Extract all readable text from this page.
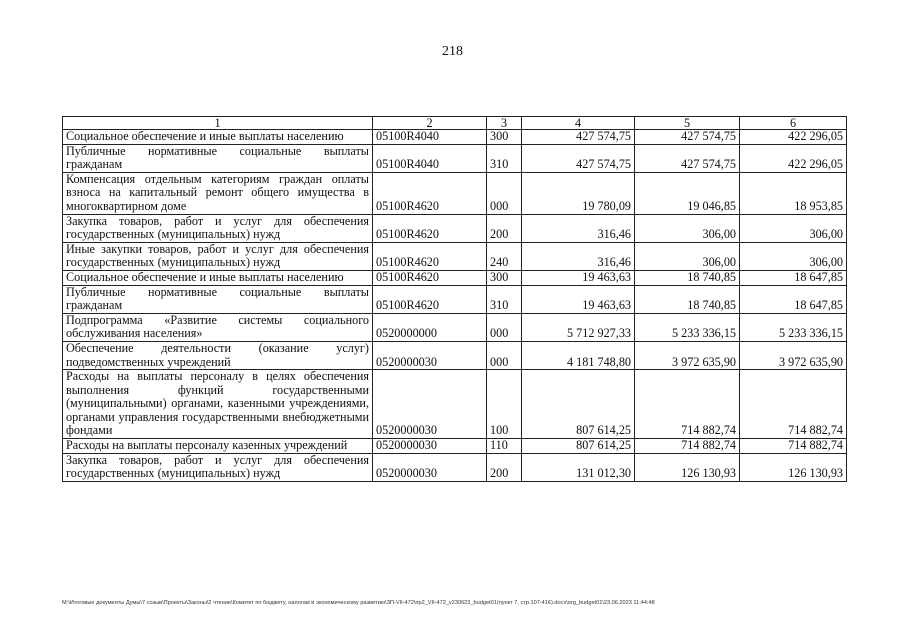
218
1	2	3	4	5	6
Социальное обеспечение и иные выплаты населению	05100R4040	300	427 574,75	427 574,75	422 296,05
Публичные нормативные социальные выплаты гражданам	05100R4040	310	427 574,75	427 574,75	422 296,05
Компенсация отдельным категориям граждан оплаты взноса на капитальный ремонт общего имущества в многоквартирном доме	05100R4620	000	19 780,09	19 046,85	18 953,85
Закупка товаров, работ и услуг для обеспечения государственных (муниципальных) нужд	05100R4620	200	316,46	306,00	306,00
Иные закупки товаров, работ и услуг для обеспечения государственных (муниципальных) нужд	05100R4620	240	316,46	306,00	306,00
Социальное обеспечение и иные выплаты населению	05100R4620	300	19 463,63	18 740,85	18 647,85
Публичные нормативные социальные выплаты гражданам	05100R4620	310	19 463,63	18 740,85	18 647,85
Подпрограмма «Развитие системы социального обслуживания населения»	0520000000	000	5 712 927,33	5 233 336,15	5 233 336,15
Обеспечение деятельности (оказание услуг) подведомственных учреждений	0520000030	000	4 181 748,80	3 972 635,90	3 972 635,90
Расходы на выплаты персоналу в целях обеспечения выполнения функций государственными (муниципальными) органами, казенными учреждениями, органами управления государственными внебюджетными фондами	0520000030	100	807 614,25	714 882,74	714 882,74
Расходы на выплаты персоналу казенных учреждений	0520000030	110	807 614,25	714 882,74	714 882,74
Закупка товаров, работ и услуг для обеспечения государственных (муниципальных) нужд	0520000030	200	131 012,30	126 130,93	126 130,93
M:\Итоговые документы Думы\7 созыв\Проекты\Законы\2 чтение\Комитет по бюджету, налогам и экономическому развитию\ЗП-VII-472\пр2_VII-472_v230623_budget01(пункт 7, стр.107-416).docx\org_budget01\23.06.2023 11:44:48
